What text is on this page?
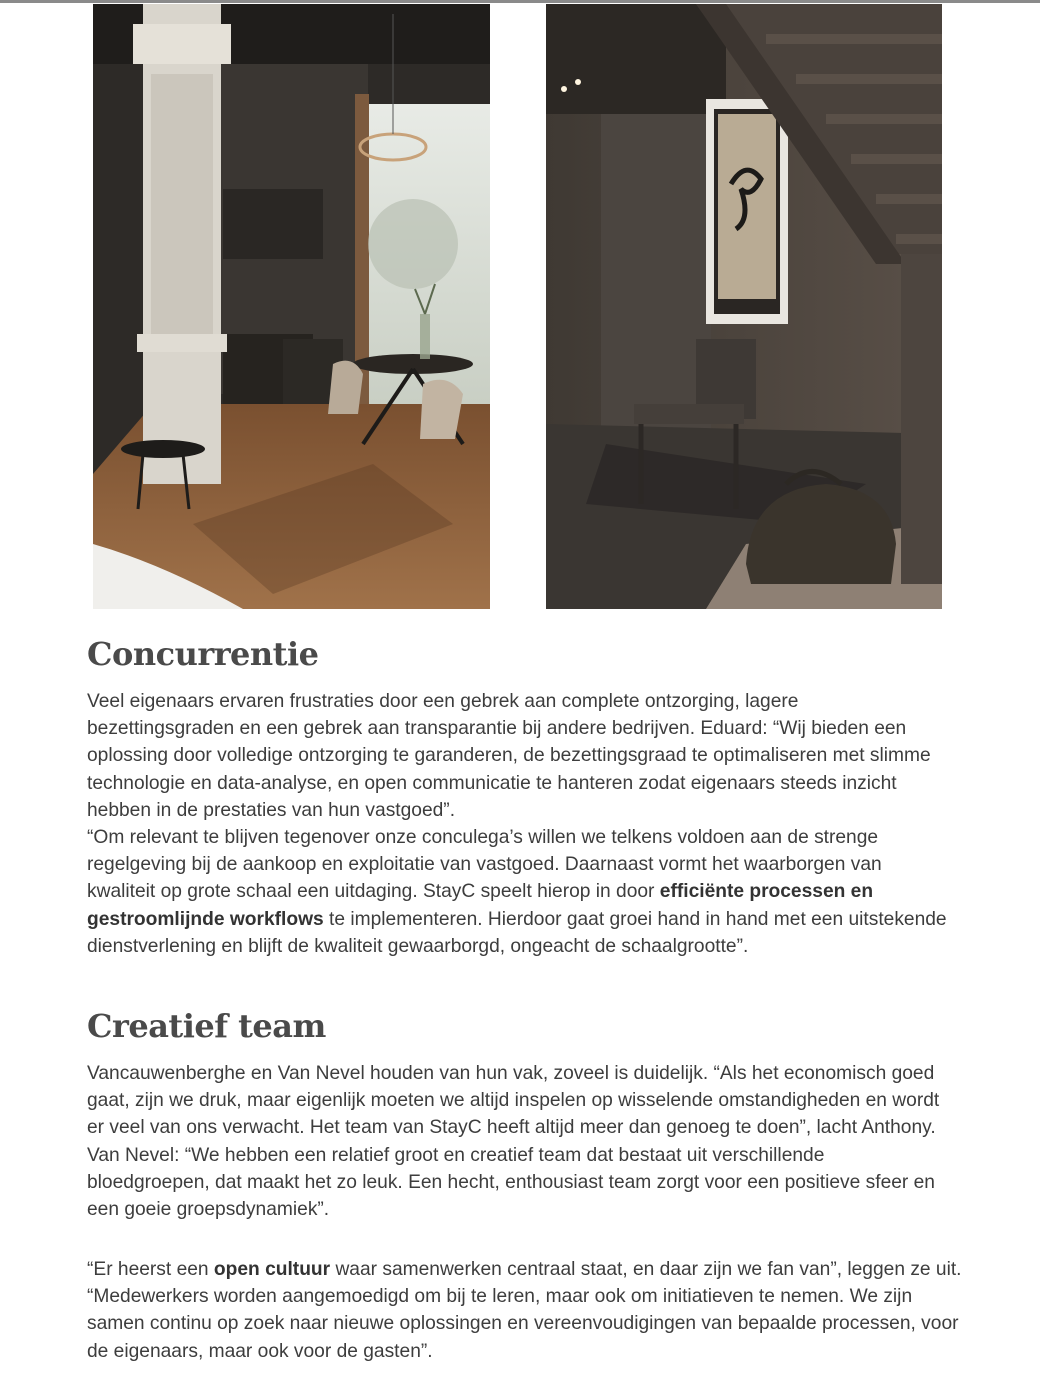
Concurrentie

Veel eigenaars ervaren frustraties door een gebrek aan complete ontzorging, lagere bezettingsgraden en een gebrek aan transparantie bij andere bedrijven. Eduard: “Wij bieden een oplossing door volledige ontzorging te garanderen, de bezettingsgraad te optimaliseren met slimme technologie en data-analyse, en open communicatie te hanteren zodat eigenaars steeds inzicht hebben in de prestaties van hun vastgoed”.

“Om relevant te blijven tegenover onze conculega’s willen we telkens voldoen aan de strenge regelgeving bij de aankoop en exploitatie van vastgoed. Daarnaast vormt het waarborgen van kwaliteit op grote schaal een uitdaging. StayC speelt hierop in door efficiënte processen en gestroomlijnde workflows te implementeren. Hierdoor gaat groei hand in hand met een uitstekende dienstverlening en blijft de kwaliteit gewaarborgd, ongeacht de schaalgrootte”.

Creatief team

Vancauwenberghe en Van Nevel houden van hun vak, zoveel is duidelijk. “Als het economisch goed gaat, zijn we druk, maar eigenlijk moeten we altijd inspelen op wisselende omstandigheden en wordt er veel van ons verwacht. Het team van StayC heeft altijd meer dan genoeg te doen”, lacht Anthony. Van Nevel: “We hebben een relatief groot en creatief team dat bestaat uit verschillende bloedgroepen, dat maakt het zo leuk. Een hecht, enthousiast team zorgt voor een positieve sfeer en een goeie groepsdynamiek”.

“Er heerst een open cultuur waar samenwerken centraal staat, en daar zijn we fan van”, leggen ze uit. “Medewerkers worden aangemoedigd om bij te leren, maar ook om initiatieven te nemen. We zijn samen continu op zoek naar nieuwe oplossingen en vereenvoudigingen van bepaalde processen, voor de eigenaars, maar ook voor de gasten”.
